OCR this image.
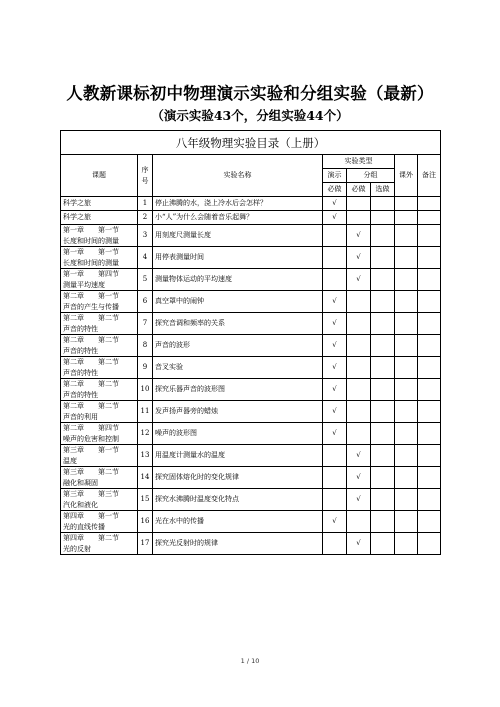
人教新课标初中物理演示实验和分组实验（最新）
（演示实验43个，分组实验44个）
八年级物理实验目录（上册）							
课题	序号	实验名称	实验类型			课外	备注
			演示	分组			
			必做	必做	选做		

科学之旅	1	停止沸腾的水，浇上冷水后会怎样？	√				

科学之旅	2	小“人”为什么会随着音乐起舞？	√				

第一章　　第一节
长度和时间的测量	3	用刻度尺测量长度		√			

第一章　　第一节
长度和时间的测量	4	用停表测量时间		√			

第一章　　第四节
测量平均速度	5	测量物体运动的平均速度		√			

第二章　　第一节
声音的产生与传播	6	真空罩中的闹钟	√				

第二章　　第二节
声音的特性	7	探究音调和频率的关系	√				

第二章　　第二节
声音的特性	8	声音的波形	√				

第二章　　第二节
声音的特性	9	音叉实验	√				

第二章　　第二节
声音的特性	10	探究乐器声音的波形图	√				

第二章　　第二节
声音的利用	11	发声扬声器旁的蜡烛	√				

第二章　　第四节
噪声的危害和控制	12	噪声的波形图	√				

第三章　　第一节
温度	13	用温度计测量水的温度		√			

第三章　　第二节
融化和凝固	14	探究固体熔化时的变化规律		√			

第三章　　第三节
汽化和液化	15	探究水沸腾时温度变化特点		√			

第四章　　第一节
光的直线传播	16	光在水中的传播	√				

第四章　　第二节
光的反射	17	探究光反射时的规律		√			
1 / 10
